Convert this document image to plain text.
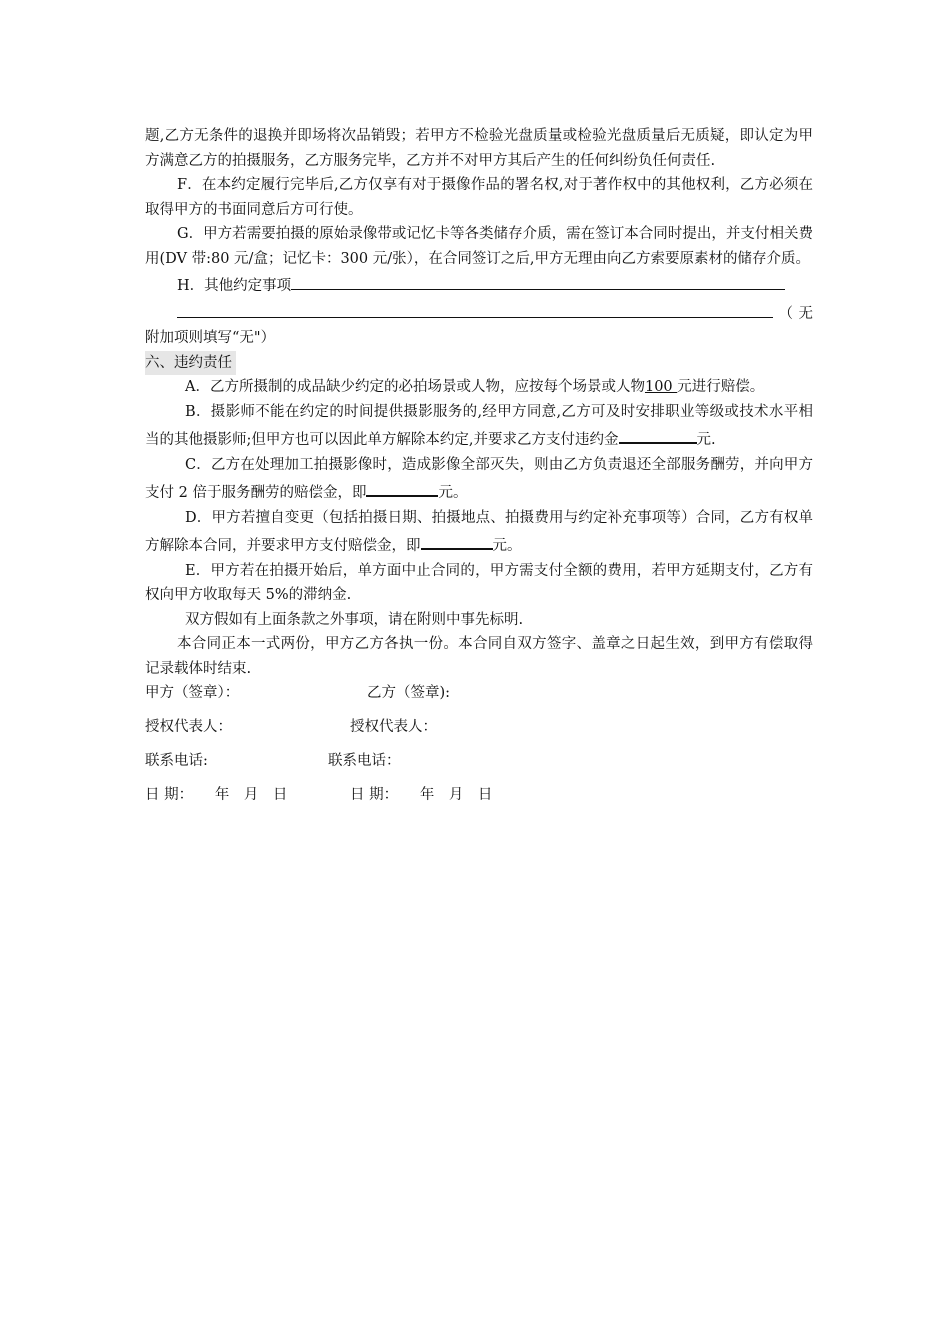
题,乙方无条件的退换并即场将次品销毁；若甲方不检验光盘质量或检验光盘质量后无质疑，即认定为甲方满意乙方的拍摄服务，乙方服务完毕，乙方并不对甲方其后产生的任何纠纷负任何责任.

F．在本约定履行完毕后,乙方仅享有对于摄像作品的署名权,对于著作权中的其他权利，乙方必须在取得甲方的书面同意后方可行使。

G．甲方若需要拍摄的原始录像带或记忆卡等各类储存介质，需在签订本合同时提出，并支付相关费用(DV 带:80 元/盒；记忆卡：300 元/张），在合同签订之后,甲方无理由向乙方索要原素材的储存介质。

H．其他约定事项

（无附加项则填写“无"）

六、违约责任

A．乙方所摄制的成品缺少约定的必拍场景或人物，应按每个场景或人物100 元进行赔偿。

B．摄影师不能在约定的时间提供摄影服务的,经甲方同意,乙方可及时安排职业等级或技术水平相当的其他摄影师;但甲方也可以因此单方解除本约定,并要求乙方支付违约金	元.

C．乙方在处理加工拍摄影像时，造成影像全部灭失，则由乙方负责退还全部服务酬劳，并向甲方支付 2 倍于服务酬劳的赔偿金，即	元。

D．甲方若擅自变更（包括拍摄日期、拍摄地点、拍摄费用与约定补充事项等）合同，乙方有权单方解除本合同，并要求甲方支付赔偿金，即	元。

E．甲方若在拍摄开始后，单方面中止合同的，甲方需支付全额的费用，若甲方延期支付，乙方有权向甲方收取每天 5%的滞纳金.

双方假如有上面条款之外事项，请在附则中事先标明.

本合同正本一式两份，甲方乙方各执一份。本合同自双方签字、盖章之日起生效，到甲方有偿取得记录载体时结束.

甲方（签章）：	乙方（签章):
授权代表人：	授权代表人：
联系电话:	联系电话：
日 期：　　年　月　日	日 期：　　年　月　日
